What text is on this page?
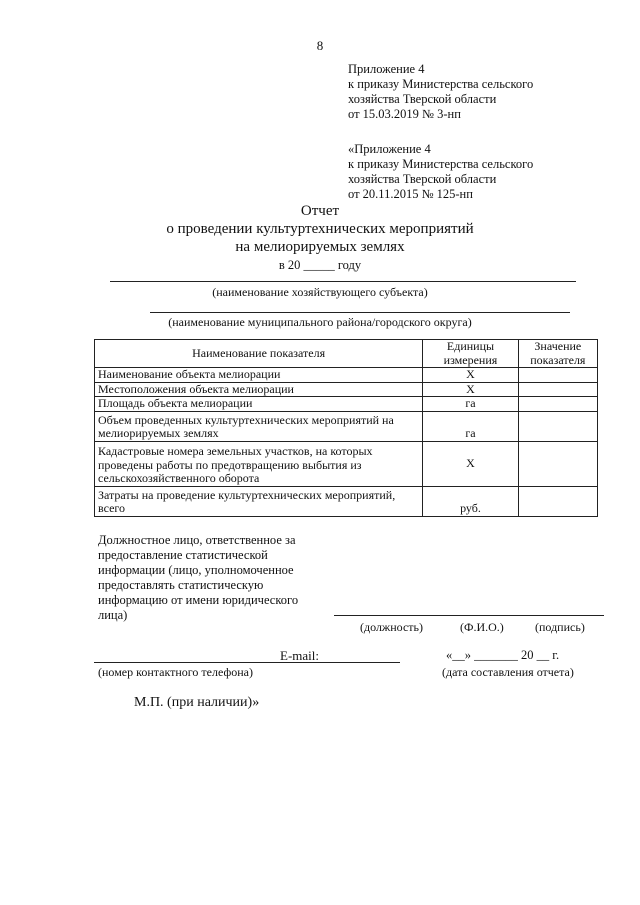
8
Приложение 4
к приказу Министерства сельского
хозяйства Тверской области
от 15.03.2019 № 3-нп
«Приложение 4
к приказу Министерства сельского
хозяйства Тверской области
от 20.11.2015 № 125-нп
Отчет
о проведении культуртехнических мероприятий
на мелиорируемых землях
в 20 _____ году
(наименование хозяйствующего субъекта)
(наименование муниципального района/городского округа)
Наименование показателя	Единицы измерения	Значение показателя
Наименование объекта мелиорации	Х	
Местоположения объекта мелиорации	Х	
Площадь объекта мелиорации	га	
Объем проведенных культуртехнических мероприятий на мелиорируемых землях	га	
Кадастровые номера земельных участков, на которых проведены работы по предотвращению выбытия из сельскохозяйственного оборота	Х	
Затраты на проведение культуртехнических мероприятий, всего	руб.	
Должностное лицо, ответственное за
предоставление статистической
информации (лицо, уполномоченное
предоставлять статистическую
информацию от имени юридического
лица)
(должность)	(Ф.И.О.)	(подпись)
E-mail:
(номер контактного телефона)
«__» _______ 20 __ г.
(дата составления отчета)
М.П. (при наличии)»
